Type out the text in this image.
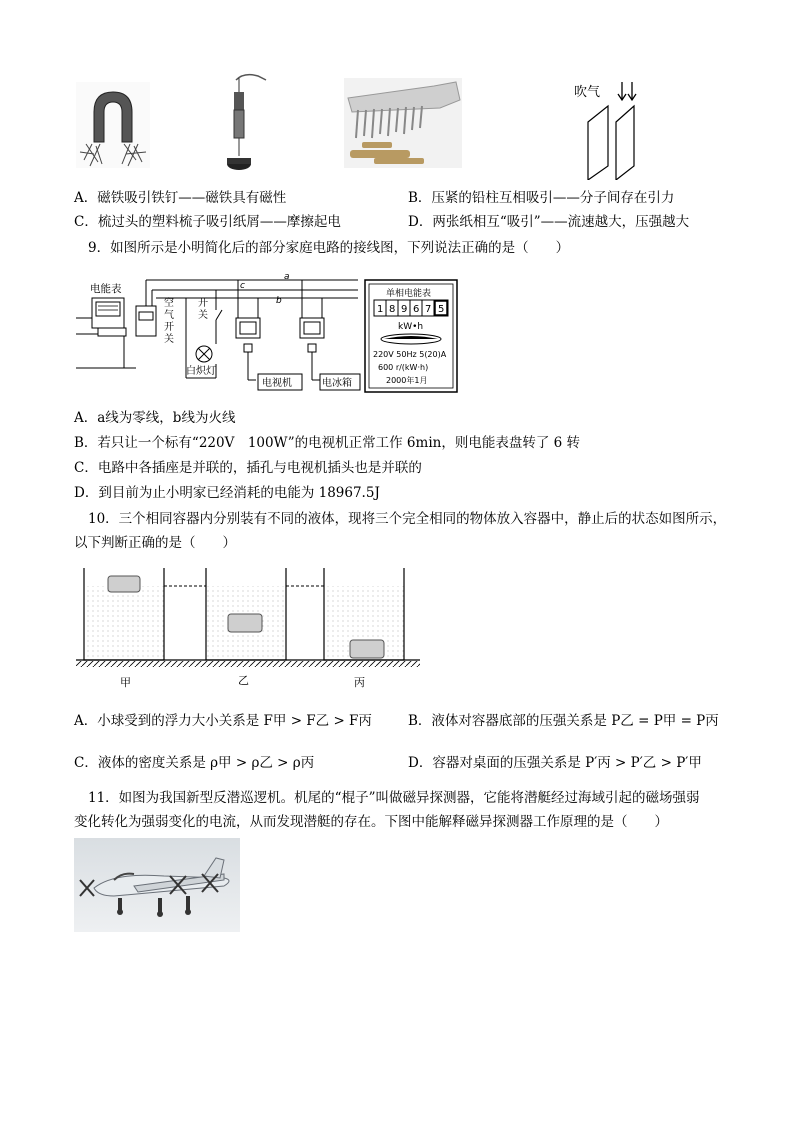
吹气
A．磁铁吸引铁钉——磁铁具有磁性	B．压紧的铅柱互相吸引——分子间存在引力
C．梳过头的塑料梳子吸引纸屑——摩擦起电	D．两张纸相互“吸引”——流速越大，压强越大
9．如图所示是小明简化后的部分家庭电路的接线图，下列说法正确的是（　　）
电能表
空
气
开
关
a
c
b
开
关
白炽灯
电视机	电冰箱
单相电能表
1 8 9 6 7 5
kW•h
220V 50Hz 5(20)A
600 r/(kW·h)
2000年1月
A．a线为零线，b线为火线
B．若只让一个标有“220V　100W”的电视机正常工作 6min，则电能表盘转了 6 转
C．电路中各插座是并联的，插孔与电视机插头也是并联的
D．到目前为止小明家已经消耗的电能为 18967.5J
10．三个相同容器内分别装有不同的液体，现将三个完全相同的物体放入容器中，静止后的状态如图所示，
以下判断正确的是（　　）
甲	乙	丙
A．小球受到的浮力大小关系是 F甲 > F乙 > F丙	B．液体对容器底部的压强关系是 P乙 = P甲 = P丙
C．液体的密度关系是 ρ甲 > ρ乙 > ρ丙	D．容器对桌面的压强关系是 P′丙 > P′乙 > P′甲
11．如图为我国新型反潜巡逻机。机尾的“棍子”叫做磁异探测器，它能将潜艇经过海域引起的磁场强弱
变化转化为强弱变化的电流，从而发现潜艇的存在。下图中能解释磁异探测器工作原理的是（　　）
